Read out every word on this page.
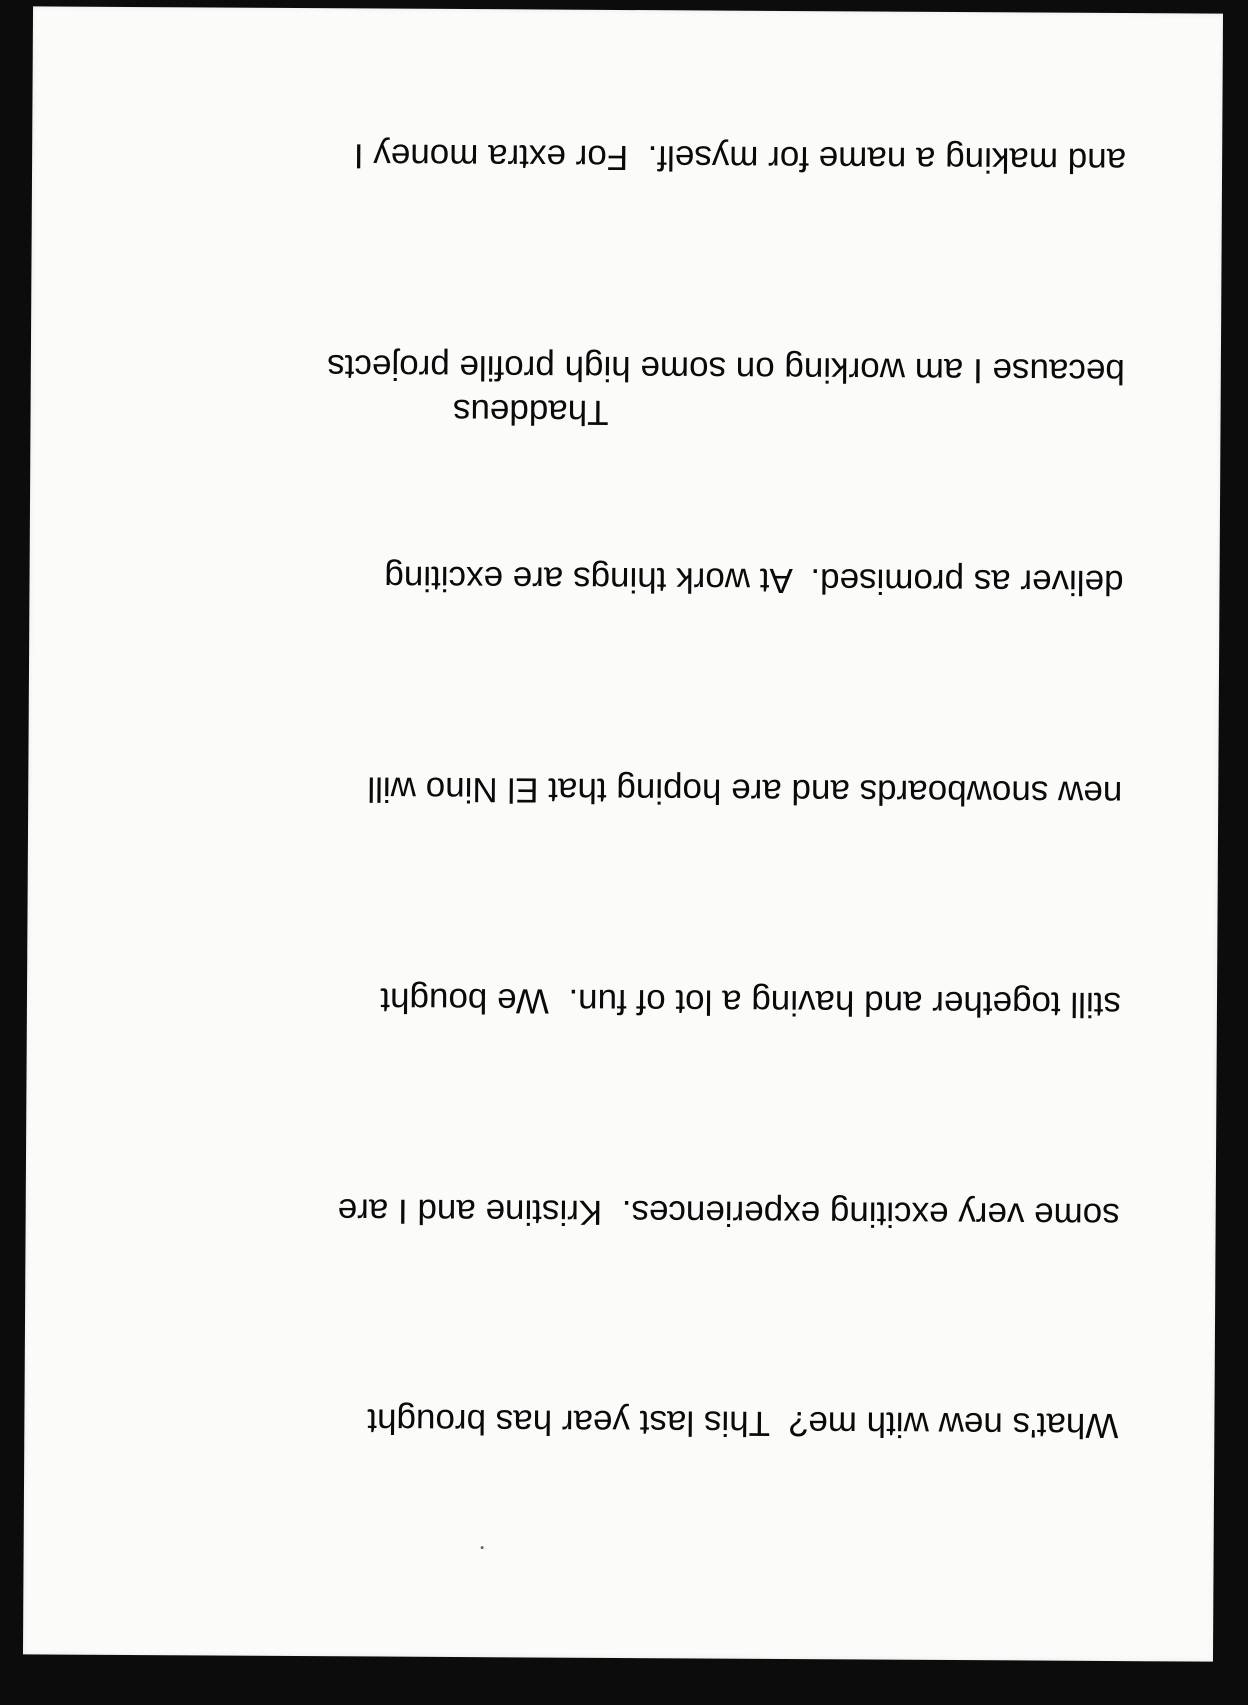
What's new with me?  This last year has brought

some very exciting experiences.  Kristine and I are

still together and having a lot of fun.  We bought

new snowboards and are hoping that El Nino will

deliver as promised.  At work things are exciting

because I am working on some high profile projects

and making a name for myself.  For extra money I

Thaddeus
